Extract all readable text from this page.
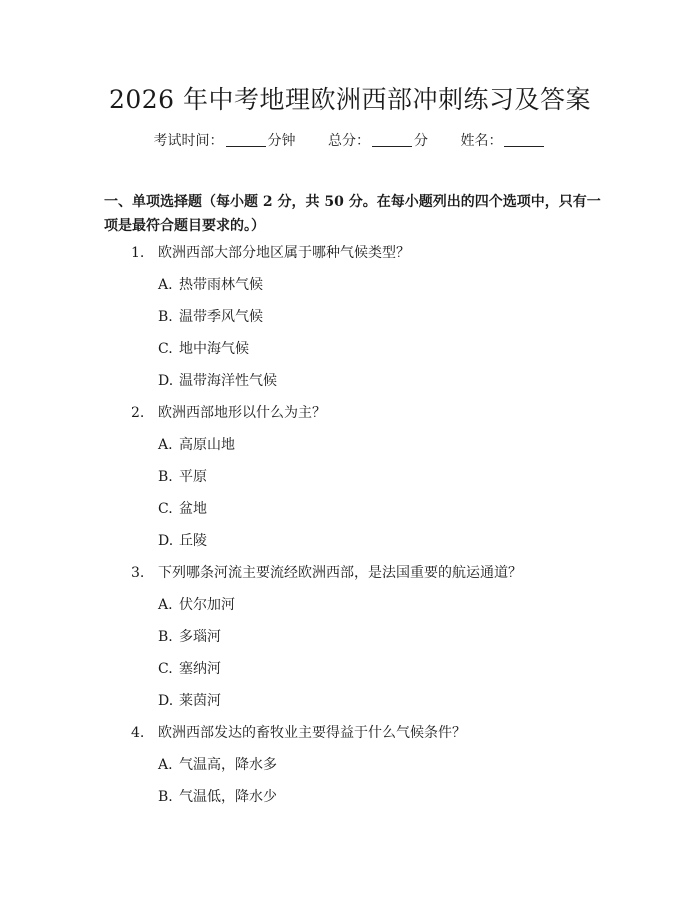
2026 年中考地理欧洲西部冲刺练习及答案
考试时间：	分钟 总分：	分 姓名：
一、单项选择题（每小题 2 分，共 50 分。在每小题列出的四个选项中，只有一项是最符合题目要求的。）
1. 欧洲西部大部分地区属于哪种气候类型？
A. 热带雨林气候
B. 温带季风气候
C. 地中海气候
D. 温带海洋性气候
2. 欧洲西部地形以什么为主？
A. 高原山地
B. 平原
C. 盆地
D. 丘陵
3. 下列哪条河流主要流经欧洲西部，是法国重要的航运通道？
A. 伏尔加河
B. 多瑙河
C. 塞纳河
D. 莱茵河
4. 欧洲西部发达的畜牧业主要得益于什么气候条件？
A. 气温高，降水多
B. 气温低，降水少
